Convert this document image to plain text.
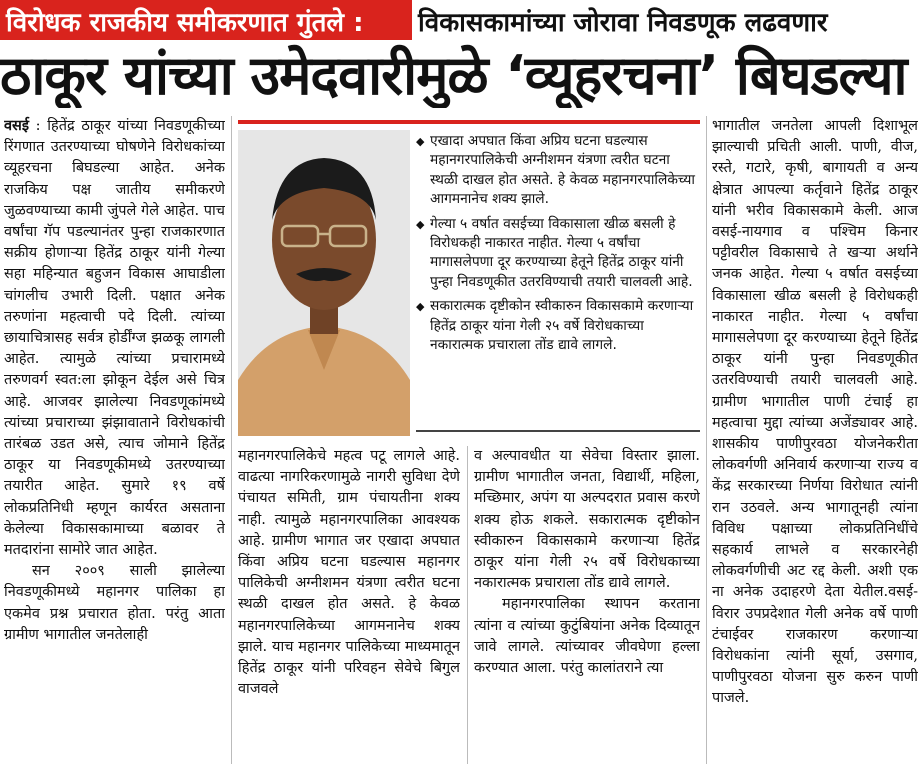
विरोधक राजकीय समीकरणात गुंतले : विकासकामांच्या जोरावा निवडणूक लढवणार
ठाकूर यांच्या उमेदवारीमुळे ‘व्यूहरचना’ बिघडल्या

वसई : हितेंद्र ठाकूर यांच्या निवडणूकीच्या रिंगणात उतरण्याच्या घोषणेने विरोधकांच्या व्यूहरचना बिघडल्या आहेत. अनेक राजकिय पक्ष जातीय समीकरणे जुळवण्याच्या कामी जुंपले गेले आहेत. पाच वर्षांचा गॅप पडल्यानंतर पुन्हा राजकारणात सक्रीय होणाऱ्या हितेंद्र ठाकूर यांनी गेल्या सहा महिन्यात बहुजन विकास आघाडीला चांगलीच उभारी दिली. पक्षात अनेक तरुणांना महत्वाची पदे दिली. त्यांच्या छायाचित्रासह सर्वत्र होर्डींग्ज झळकू लागली आहेत. त्यामुळे त्यांच्या प्रचारामध्ये तरुणवर्ग स्वत:ला झोकून देईल असे चित्र आहे. आजवर झालेल्या निवडणूकांमध्ये त्यांच्या प्रचाराच्या झंझावाताने विरोधकांची तारंबळ उडत असे, त्याच जोमाने हितेंद्र ठाकूर या निवडणूकीमध्ये उतरण्याच्या तयारीत आहेत. सुमारे १९ वर्षे लोकप्रतिनिधी म्हणून कार्यरत असताना केलेल्या विकासकामाच्या बळावर ते मतदारांना सामोरे जात आहेत.

सन २००९ साली झालेल्या निवडणूकीमध्ये महानगर पालिका हा एकमेव प्रश्न प्रचारात होता. परंतु आता ग्रामीण भागातील जनतेलाही

◆ एखादा अपघात किंवा अप्रिय घटना घडल्यास महानगरपालिकेची अग्नीशमन यंत्रणा त्वरीत घटना स्थळी दाखल होत असते. हे केवळ महानगरपालिकेच्या आगमनानेच शक्य झाले.
◆ गेल्या ५ वर्षात वसईच्या विकासाला खीळ बसली हे विरोधकही नाकारत नाहीत. गेल्या ५ वर्षांचा मागासलेपणा दूर करण्याच्या हेतूने हितेंद्र ठाकूर यांनी पुन्हा निवडणूकीत उतरविण्याची तयारी चालवली आहे.
◆ सकारात्मक दृष्टीकोन स्वीकारुन विकासकामे करणाऱ्या हितेंद्र ठाकूर यांना गेली २५ वर्षे विरोधकाच्या नकारात्मक प्रचाराला तोंड द्यावे लागले.

महानगरपालिकेचे महत्व पटू लागले आहे. वाढत्या नागरिकरणामुळे नागरी सुविधा देणे पंचायत समिती, ग्राम पंचायतीना शक्य नाही. त्यामुळे महानगरपालिका आवश्यक आहे. ग्रामीण भागात जर एखादा अपघात किंवा अप्रिय घटना घडल्यास महानगर पालिकेची अग्नीशमन यंत्रणा त्वरीत घटना स्थळी दाखल होत असते. हे केवळ महानगरपालिकेच्या आगमनानेच शक्य झाले. याच महानगर पालिकेच्या माध्यमातून हितेंद्र ठाकूर यांनी परिवहन सेवेचे बिगुल वाजवले

व अल्पावधीत या सेवेचा विस्तार झाला. ग्रामीण भागातील जनता, विद्यार्थी, महिला, मच्छिमार, अपंग या अल्पदरात प्रवास करणे शक्य होऊ शकले. सकारात्मक दृष्टीकोन स्वीकारुन विकासकामे करणाऱ्या हितेंद्र ठाकूर यांना गेली २५ वर्षे विरोधकाच्या नकारात्मक प्रचाराला तोंड द्यावे लागले.

महानगरपालिका स्थापन करताना त्यांना व त्यांच्या कुटुंबियांना अनेक दिव्यातून जावे लागले. त्यांच्यावर जीवघेणा हल्ला करण्यात आला. परंतु कालांतराने त्या

भागातील जनतेला आपली दिशाभूल झाल्याची प्रचिती आली. पाणी, वीज, रस्ते, गटारे, कृषी, बागायती व अन्य क्षेत्रात आपल्या कर्तृवाने हितेंद्र ठाकूर यांनी भरीव विकासकामे केली. आज वसई-नायगाव व पश्चिम किनार पट्टीवरील विकासाचे ते खऱ्या अर्थाने जनक आहेत. गेल्या ५ वर्षात वसईच्या विकासाला खीळ बसली हे विरोधकही नाकारत नाहीत. गेल्या ५ वर्षांचा मागासलेपणा दूर करण्याच्या हेतूने हितेंद्र ठाकूर यांनी पुन्हा निवडणूकीत उतरविण्याची तयारी चालवली आहे. ग्रामीण भागातील पाणी टंचाई हा महत्वाचा मुद्दा त्यांच्या अजेंड्यावर आहे. शासकीय पाणीपुरवठा योजनेकरीता लोकवर्गणी अनिवार्य करणाऱ्या राज्य व केंद्र सरकारच्या निर्णया विरोधात त्यांनी रान उठवले. अन्य भागातूनही त्यांना विविध पक्षाच्या लोकप्रतिनिधींचे सहकार्य लाभले व सरकारनेही लोकवर्गणीची अट रद्द केली. अशी एक ना अनेक उदाहरणे देता येतील.वसई-विरार उपप्रदेशात गेली अनेक वर्षे पाणी टंचाईवर राजकारण करणाऱ्या विरोधकांना त्यांनी सूर्या, उसगाव, पाणीपुरवठा योजना सुरु करुन पाणी पाजले.
